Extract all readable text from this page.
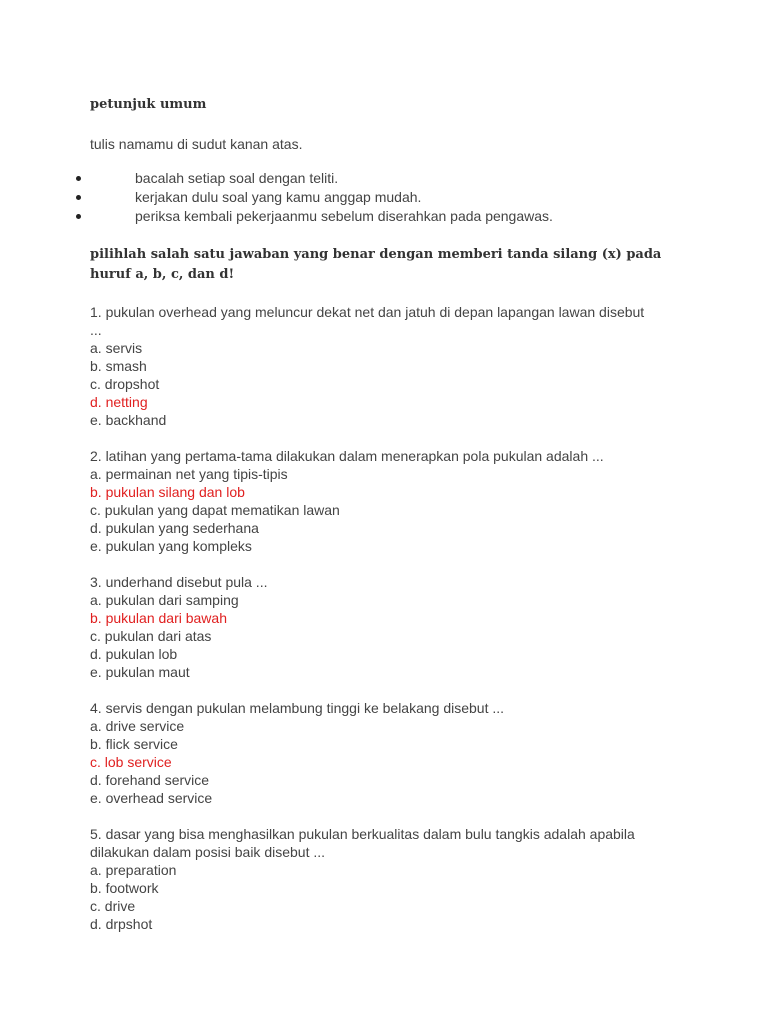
petunjuk umum

tulis namamu di sudut kanan atas.

bacalah setiap soal dengan teliti.
kerjakan dulu soal yang kamu anggap mudah.
periksa kembali pekerjaanmu sebelum diserahkan pada pengawas.

pilihlah salah satu jawaban yang benar dengan memberi tanda silang (x) pada huruf a, b, c, dan d!

1. pukulan overhead yang meluncur dekat net dan jatuh di depan lapangan lawan disebut ...
a. servis
b. smash
c. dropshot
d. netting
e. backhand
2. latihan yang pertama-tama dilakukan dalam menerapkan pola pukulan adalah ...
a. permainan net yang tipis-tipis
b. pukulan silang dan lob
c. pukulan yang dapat mematikan lawan
d. pukulan yang sederhana
e. pukulan yang kompleks
3. underhand disebut pula ...
a. pukulan dari samping
b. pukulan dari bawah
c. pukulan dari atas
d. pukulan lob
e. pukulan maut
4. servis dengan pukulan melambung tinggi ke belakang disebut ...
a. drive service
b. flick service
c. lob service
d. forehand service
e. overhead service
5. dasar yang bisa menghasilkan pukulan berkualitas dalam bulu tangkis adalah apabila dilakukan dalam posisi baik disebut ...
a. preparation
b. footwork
c. drive
d. drpshot
